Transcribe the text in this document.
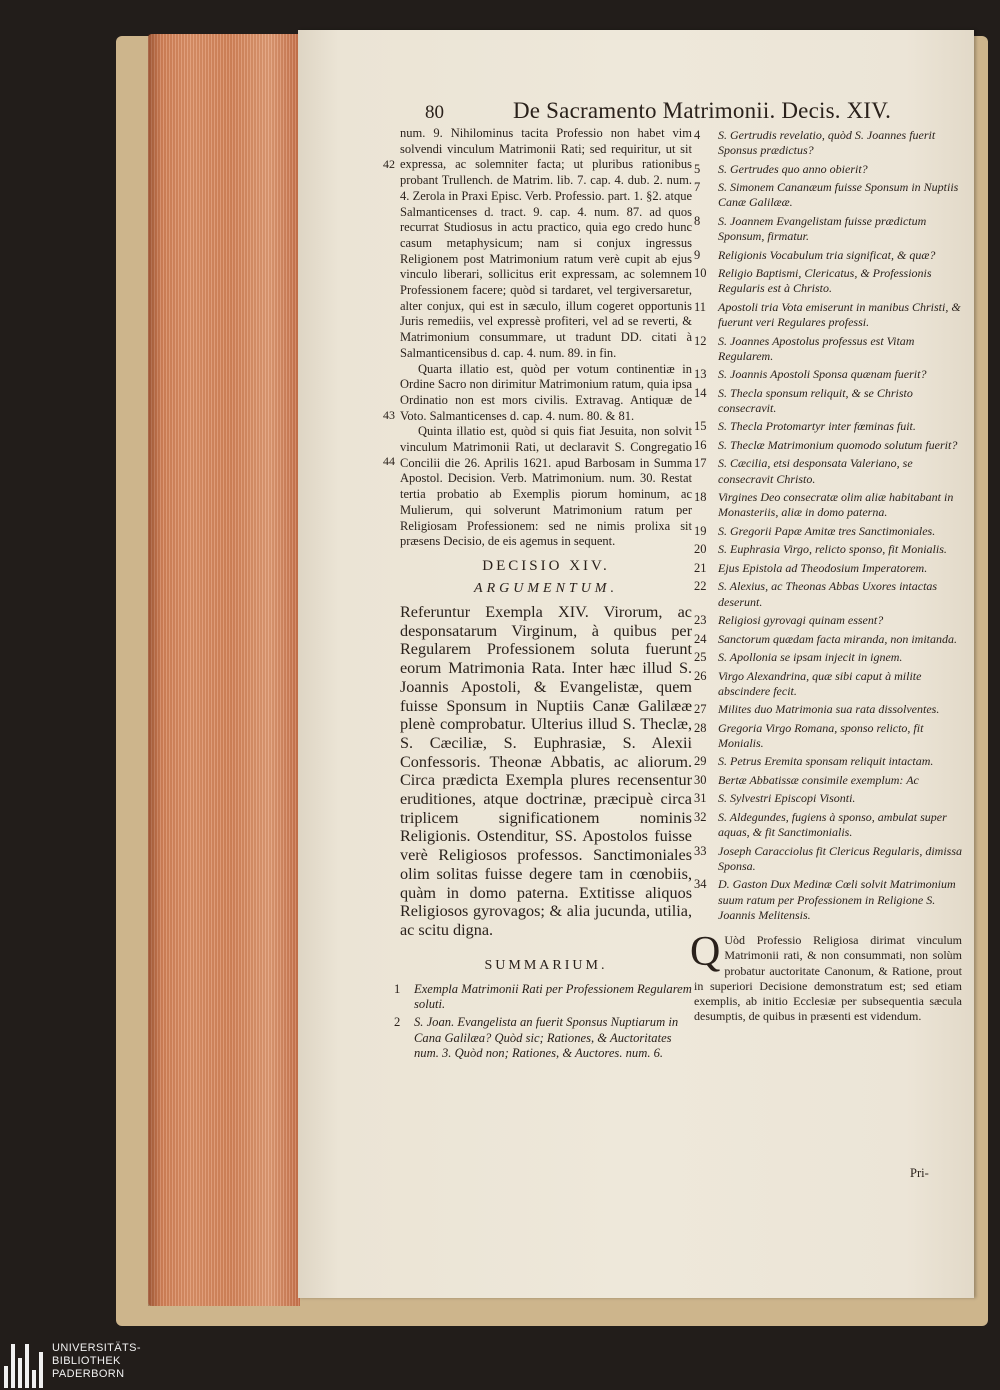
80	De Sacramento Matrimonii. Decis. XIV.

42
num. 9. Nihilominus tacita Professio non habet vim solvendi vinculum Matrimonii Rati; sed requiritur, ut sit expressa, ac solemniter facta; ut pluribus rationibus probant Trullench. de Matrim. lib. 7. cap. 4. dub. 2. num. 4. Zerola in Praxi Episc. Verb. Professio. part. 1. §2. atque Salmanticenses d. tract. 9. cap. 4. num. 87. ad quos recurrat Studiosus in actu practico, quia ego credo hunc casum metaphysicum; nam si conjux ingressus Religionem post Matrimonium ratum verè cupit ab ejus vinculo liberari, sollicitus erit expressam, ac solemnem Professionem facere; quòd si tardaret, vel tergiversaretur, alter conjux, qui est in sæculo, illum cogeret opportunis Juris remediis, vel expressè profiteri, vel ad se reverti, & Matrimonium consummare, ut tradunt DD. citati à Salmanticensibus d. cap. 4. num. 89. in fin.

43
Quarta illatio est, quòd per votum continentiæ in Ordine Sacro non dirimitur Matrimonium ratum, quia ipsa Ordinatio non est mors civilis. Extravag. Antiquæ de Voto. Salmanticenses d. cap. 4. num. 80. & 81.

44
Quinta illatio est, quòd si quis fiat Jesuita, non solvit vinculum Matrimonii Rati, ut declaravit S. Congregatio Concilii die 26. Aprilis 1621. apud Barbosam in Summa Apostol. Decision. Verb. Matrimonium. num. 30. Restat tertia probatio ab Exemplis piorum hominum, ac Mulierum, qui solverunt Matrimonium ratum per Religiosam Professionem: sed ne nimis prolixa sit præsens Decisio, de eis agemus in sequent.

DECISIO XIV.
ARGUMENTUM.

Referuntur Exempla XIV. Virorum, ac desponsatarum Virginum, à quibus per Regularem Professionem soluta fuerunt eorum Matrimonia Rata. Inter hæc illud S. Joannis Apostoli, & Evangelistæ, quem fuisse Sponsum in Nuptiis Canæ Galilææ plenè comprobatur. Ulterius illud S. Theclæ, S. Cæciliæ, S. Euphrasiæ, S. Alexii Confessoris. Theonæ Abbatis, ac aliorum. Circa prædicta Exempla plures recensentur eruditiones, atque doctrinæ, præcipuè circa triplicem significationem nominis Religionis. Ostenditur, SS. Apostolos fuisse verè Religiosos professos. Sanctimoniales olim solitas fuisse degere tam in cœnobiis, quàm in domo paterna. Extitisse aliquos Religiosos gyrovagos; & alia jucunda, utilia, ac scitu digna.

SUMMARIUM.
1 Exempla Matrimonii Rati per Professionem Regularem soluti.
2 S. Joan. Evangelista an fuerit Sponsus Nuptiarum in Cana Galilæa? Quòd sic; Rationes, & Auctoritates num. 3. Quòd non; Rationes, & Auctores. num. 6.
4 S. Gertrudis revelatio, quòd S. Joannes fuerit Sponsus prædictus?
5 S. Gertrudes quo anno obierit?
7 S. Simonem Cananæum fuisse Sponsum in Nuptiis Canæ Galilææ.
8 S. Joannem Evangelistam fuisse prædictum Sponsum, firmatur.
9 Religionis Vocabulum tria significat, & quæ?
10 Religio Baptismi, Clericatus, & Professionis Regularis est à Christo.
11 Apostoli tria Vota emiserunt in manibus Christi, & fuerunt veri Regulares professi.
12 S. Joannes Apostolus professus est Vitam Regularem.
13 S. Joannis Apostoli Sponsa quænam fuerit?
14 S. Thecla sponsum reliquit, & se Christo consecravit.
15 S. Thecla Protomartyr inter fœminas fuit.
16 S. Theclæ Matrimonium quomodo solutum fuerit?
17 S. Cæcilia, etsi desponsata Valeriano, se consecravit Christo.
18 Virgines Deo consecratæ olim aliæ habitabant in Monasteriis, aliæ in domo paterna.
19 S. Gregorii Papæ Amitæ tres Sanctimoniales.
20 S. Euphrasia Virgo, relicto sponso, fit Monialis.
21 Ejus Epistola ad Theodosium Imperatorem.
22 S. Alexius, ac Theonas Abbas Uxores intactas deserunt.
23 Religiosi gyrovagi quinam essent?
24 Sanctorum quædam facta miranda, non imitanda.
25 S. Apollonia se ipsam injecit in ignem.
26 Virgo Alexandrina, quæ sibi caput à milite abscindere fecit.
27 Milites duo Matrimonia sua rata dissolventes.
28 Gregoria Virgo Romana, sponso relicto, fit Monialis.
29 S. Petrus Eremita sponsam reliquit intactam.
30 Bertæ Abbatissæ consimile exemplum: Ac
31 S. Sylvestri Episcopi Visonti.
32 S. Aldegundes, fugiens à sponso, ambulat super aquas, & fit Sanctimonialis.
33 Joseph Caracciolus fit Clericus Regularis, dimissa Sponsa.
34 D. Gaston Dux Medinæ Cœli solvit Matrimonium suum ratum per Professionem in Religione S. Joannis Melitensis.

Q Uòd Professio Religiosa dirimat vinculum Matrimonii rati, & non consummati, non solùm probatur auctoritate Canonum, & Ratione, prout in superiori Decisione demonstratum est; sed etiam exemplis, ab initio Ecclesiæ per subsequentia sæcula desumptis, de quibus in præsenti est videndum.

Pri-
UNIVERSITÄTS-
BIBLIOTHEK
PADERBORN
